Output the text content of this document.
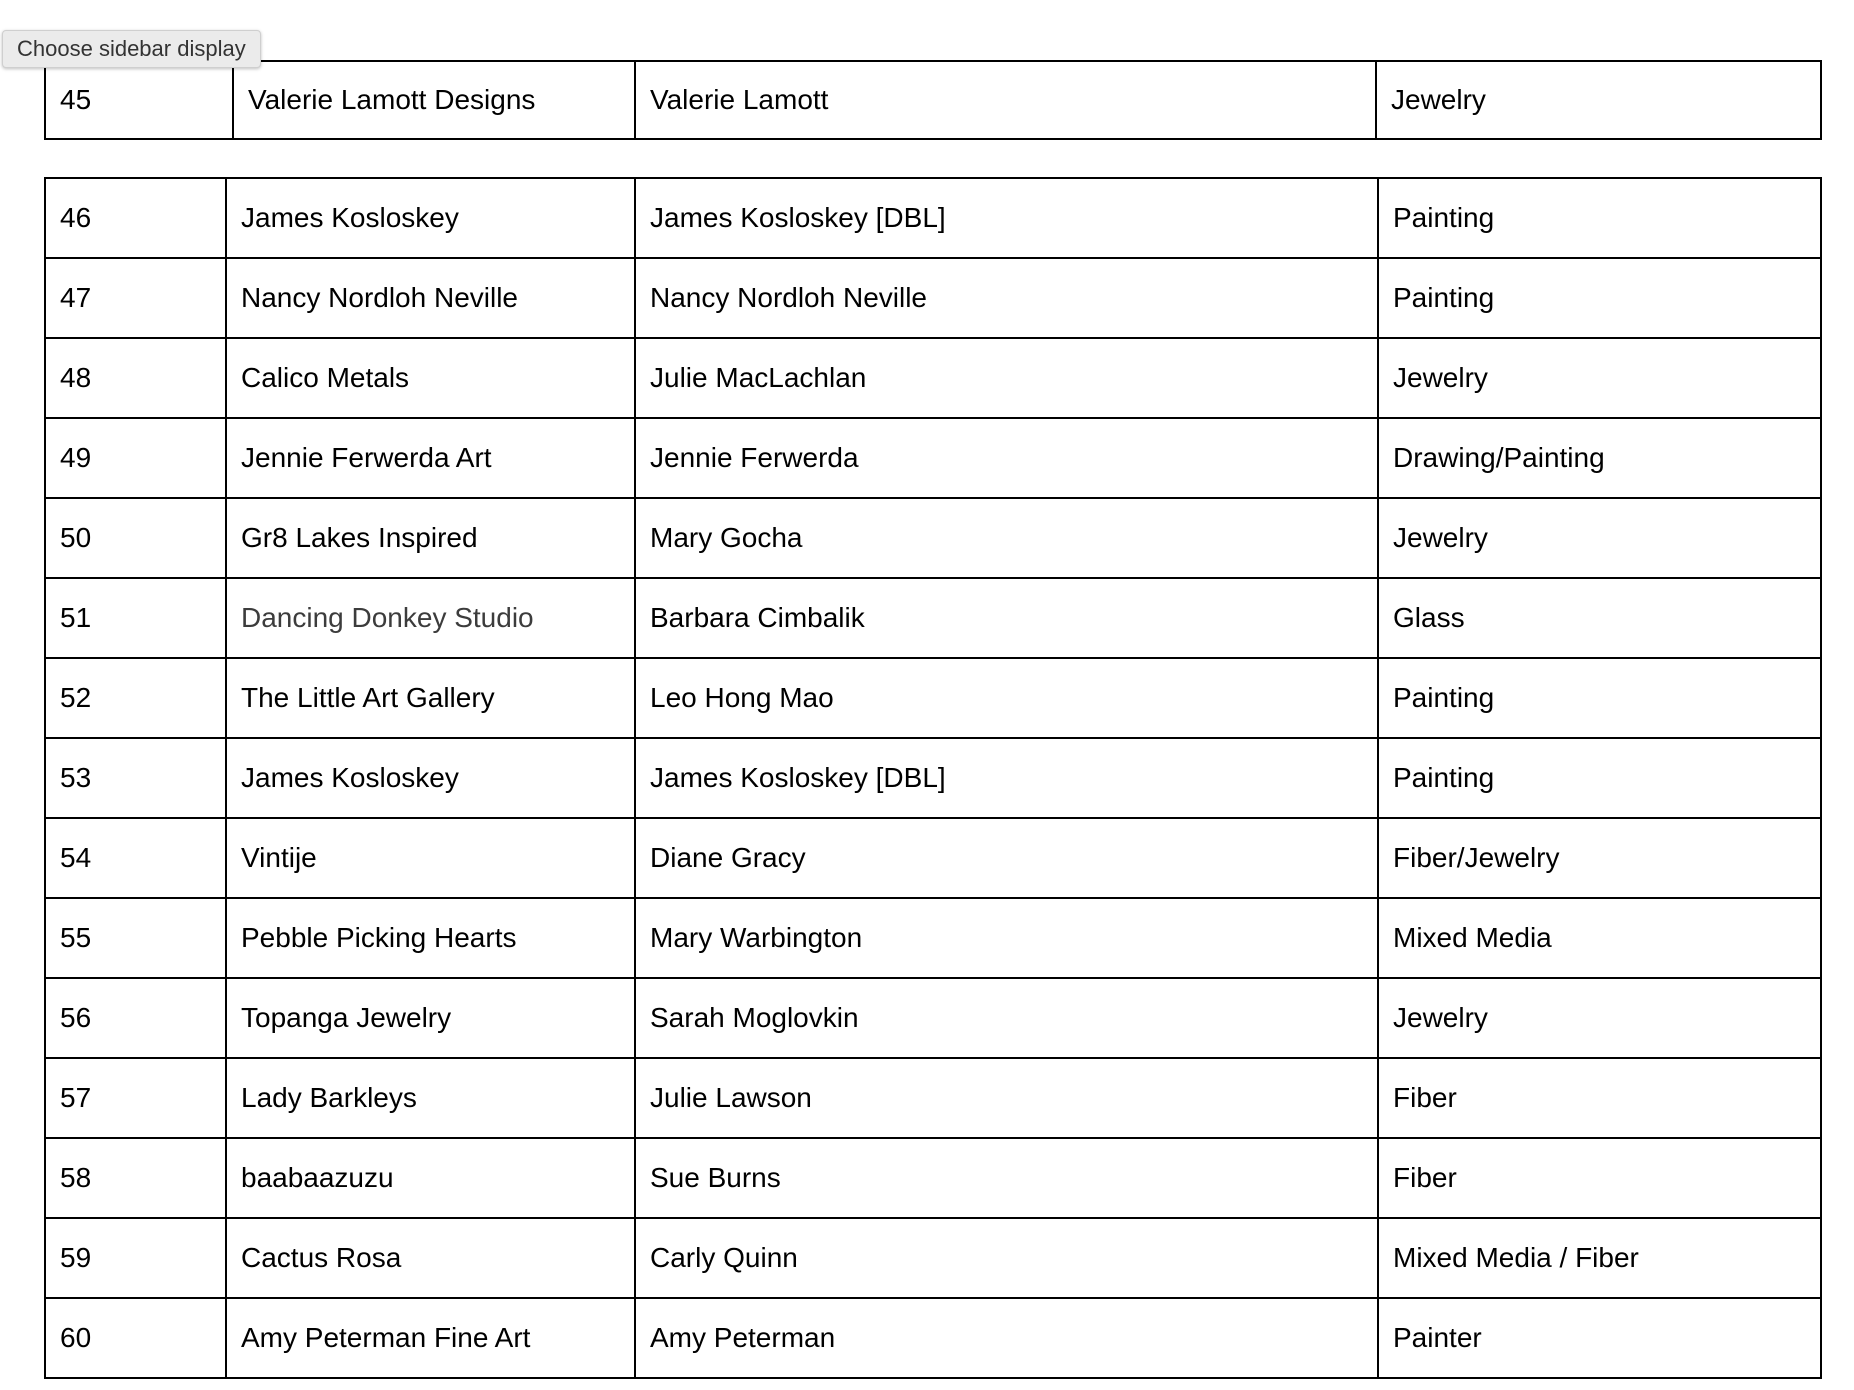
Choose sidebar display
45	Valerie Lamott Designs	Valerie Lamott	Jewelry
46	James Kosloskey	James Kosloskey [DBL]	Painting
47	Nancy Nordloh Neville	Nancy Nordloh Neville	Painting
48	Calico Metals	Julie MacLachlan	Jewelry
49	Jennie Ferwerda Art	Jennie Ferwerda	Drawing/Painting
50	Gr8 Lakes Inspired	Mary Gocha	Jewelry
51	Dancing Donkey Studio	Barbara Cimbalik	Glass
52	The Little Art Gallery	Leo Hong Mao	Painting
53	James Kosloskey	James Kosloskey [DBL]	Painting
54	Vintije	Diane Gracy	Fiber/Jewelry
55	Pebble Picking Hearts	Mary Warbington	Mixed Media
56	Topanga Jewelry	Sarah Moglovkin	Jewelry
57	Lady Barkleys	Julie Lawson	Fiber
58	baabaazuzu	Sue Burns	Fiber
59	Cactus Rosa	Carly Quinn	Mixed Media / Fiber
60	Amy Peterman Fine Art	Amy Peterman	Painter
